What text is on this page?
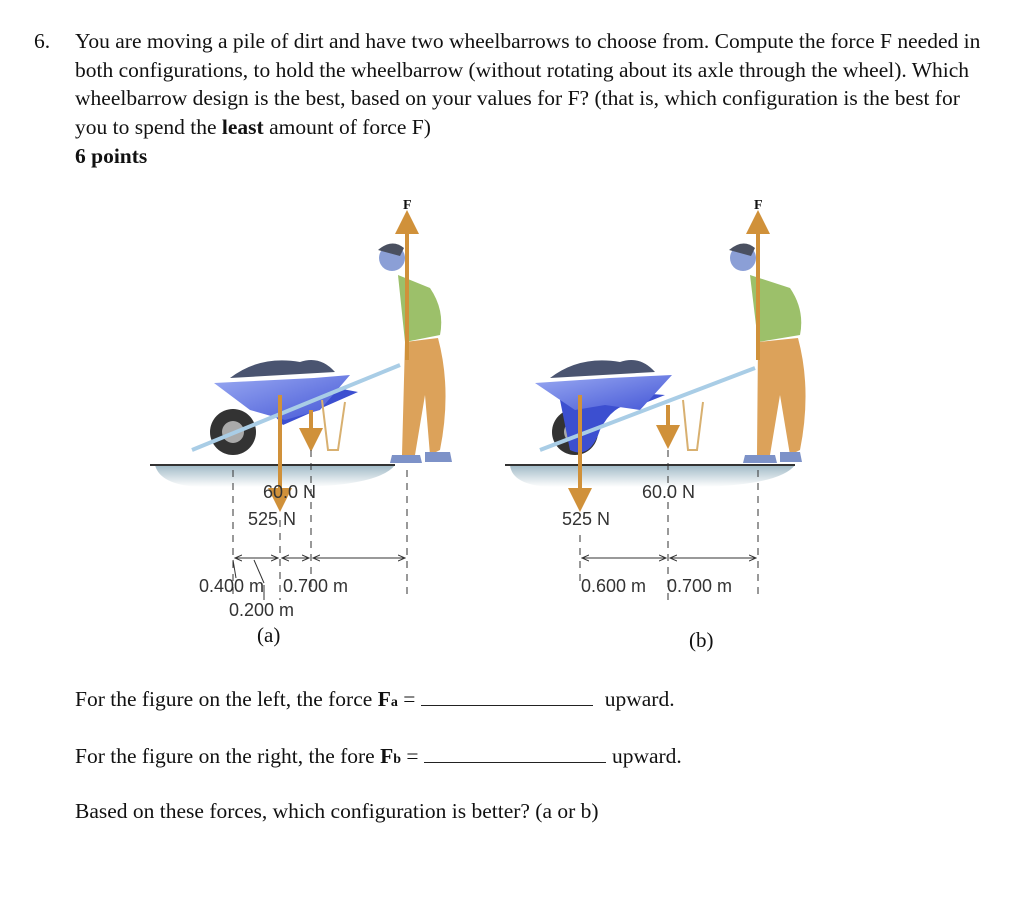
6. You are moving a pile of dirt and have two wheelbarrows to choose from. Compute the force F needed in both configurations, to hold the wheelbarrow (without rotating about its axle through the wheel). Which wheelbarrow design is the best, based on your values for F? (that is, which configuration is the best for you to spend the least amount of force F)
6 points
F	F
60.0 N
525 N
0.400 m 0.700 m
0.200 m
(a)
60.0 N
525 N
0.600 m 0.700 m
(b)
For the figure on the left, the force Fa =	upward.
For the figure on the right, the fore Fb =	upward.
Based on these forces, which configuration is better? (a or b)
